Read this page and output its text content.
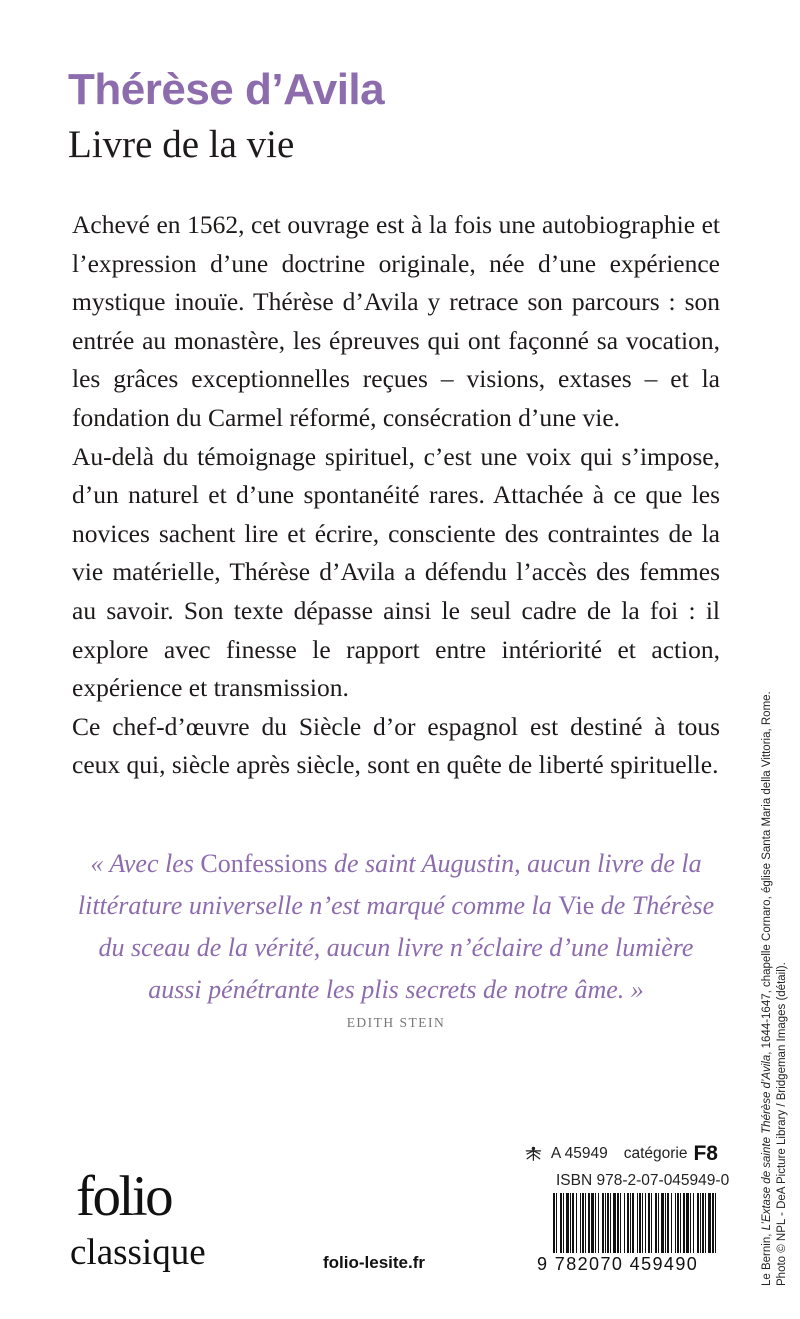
Thérèse d’Avila
Livre de la vie

Achevé en 1562, cet ouvrage est à la fois une autobiographie et l’expression d’une doctrine originale, née d’une expérience mystique inouïe. Thérèse d’Avila y retrace son parcours : son entrée au monastère, les épreuves qui ont façonné sa vocation, les grâces exceptionnelles reçues – visions, extases – et la fondation du Carmel réformé, consécration d’une vie.

Au-delà du témoignage spirituel, c’est une voix qui s’impose, d’un naturel et d’une spontanéité rares. Attachée à ce que les novices sachent lire et écrire, consciente des contraintes de la vie matérielle, Thérèse d’Avila a défendu l’accès des femmes au savoir. Son texte dépasse ainsi le seul cadre de la foi : il explore avec finesse le rapport entre intériorité et action, expérience et transmission.

Ce chef-d’œuvre du Siècle d’or espagnol est destiné à tous ceux qui, siècle après siècle, sont en quête de liberté spirituelle.

« Avec les Confessions de saint Augustin, aucun livre de la littérature universelle n’est marqué comme la Vie de Thérèse du sceau de la vérité, aucun livre n’éclaire d’une lumière aussi pénétrante les plis secrets de notre âme. »

EDITH STEIN
folio
classique	folio-lesite.fr
A 45949 catégorie F8
ISBN 978-2-07-045949-0
9 782070 459490	Le Bernin, L’Extase de sainte Thérèse d’Avila, 1644-1647, chapelle Cornaro, église Santa Maria della Vittoria, Rome.
Photo © NPL - DeA Picture Library / Bridgeman Images (détail).
